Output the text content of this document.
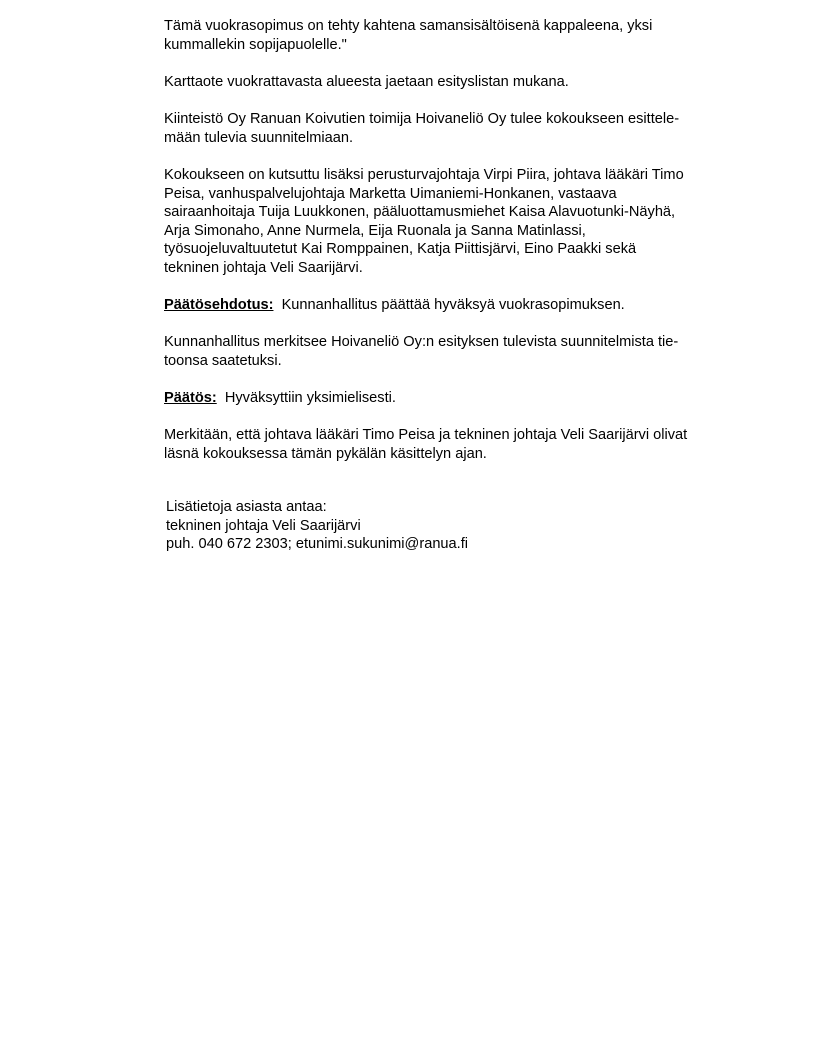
Tämä vuokrasopimus on tehty kahtena samansisältöisenä kappaleena, yksi
kummallekin sopijapuolelle."

Karttaote vuokrattavasta alueesta jaetaan esityslistan mukana.

Kiinteistö Oy Ranuan Koivutien toimija Hoivaneliö Oy tulee kokoukseen esittele-
mään tulevia suunnitelmiaan.

Kokoukseen on kutsuttu lisäksi perusturvajohtaja Virpi Piira, johtava lääkäri Timo
Peisa, vanhuspalvelujohtaja Marketta Uimaniemi-Honkanen, vastaava
sairaanhoitaja Tuija Luukkonen, pääluottamusmiehet Kaisa Alavuotunki-Näyhä,
Arja Simonaho, Anne Nurmela, Eija Ruonala ja Sanna Matinlassi,
työsuojeluvaltuutetut Kai Romppainen, Katja Piittisjärvi, Eino Paakki sekä
tekninen johtaja Veli Saarijärvi.

Päätösehdotus: Kunnanhallitus päättää hyväksyä vuokrasopimuksen.

Kunnanhallitus merkitsee Hoivaneliö Oy:n esityksen tulevista suunnitelmista tie-
toonsa saatetuksi.

Päätös: Hyväksyttiin yksimielisesti.

Merkitään, että johtava lääkäri Timo Peisa ja tekninen johtaja Veli Saarijärvi olivat
läsnä kokouksessa tämän pykälän käsittelyn ajan.

Lisätietoja asiasta antaa:
tekninen johtaja Veli Saarijärvi
puh. 040 672 2303; etunimi.sukunimi@ranua.fi
